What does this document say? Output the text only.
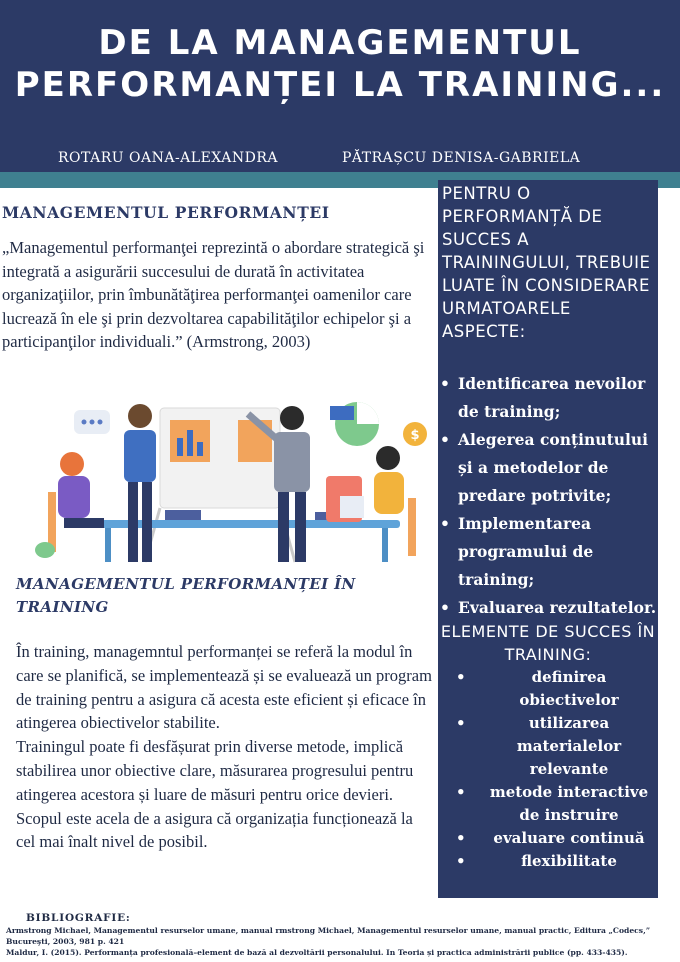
DE LA MANAGEMENTUL
PERFORMANȚEI LA TRAINING...
ROTARU OANA-ALEXANDRA	PĂTRAȘCU DENISA-GABRIELA
MANAGEMENTUL PERFORMANȚEI
„Managementul performanţei reprezintă o abordare strategică şi integrată a asigurării succesului de durată în activitatea organizaţiilor, prin îmbunătăţirea performanţei oamenilor care lucrează în ele şi prin dezvoltarea capabilităţilor echipelor şi a participanţilor individuali.” (Armstrong, 2003)
$
MANAGEMENTUL PERFORMANȚEI ÎN TRAINING

În training, managemntul performanței se referă la modul în care se planifică, se implementează și se evaluează un program de training pentru a asigura că acesta este eficient și eficace în atingerea obiectivelor stabilite.

Trainingul poate fi desfășurat prin diverse metode, implică stabilirea unor obiective clare, măsurarea progresului pentru atingerea acestora și luare de măsuri pentru orice devieri.

Scopul este acela de a asigura că organizația funcționează la cel mai înalt nivel de posibil.

PENTRU O PERFORMANȚĂ DE SUCCES A TRAININGULUI, TREBUIE LUATE ÎN CONSIDERARE URMATOARELE ASPECTE:
• Identificarea nevoilor de training;
• Alegerea conținutului și a metodelor de predare potrivite;
• Implementarea programului de training;
• Evaluarea rezultatelor.
ELEMENTE DE SUCCES ÎN TRAINING:
•	definirea obiectivelor
•	utilizarea materialelor relevante
• metode interactive de instruire
• evaluare continuă
•	flexibilitate
BIBLIOGRAFIE:
Armstrong Michael, Managementul resurselor umane, manual rmstrong Michael, Managementul resurselor umane, manual practic, Editura „Codecs,” Bucureşti, 2003, 981 p. 421
Maldur, I. (2015). Performanța profesională–element de bază al dezvoltării personalului. In Teoria și practica administrării publice (pp. 433-435).
